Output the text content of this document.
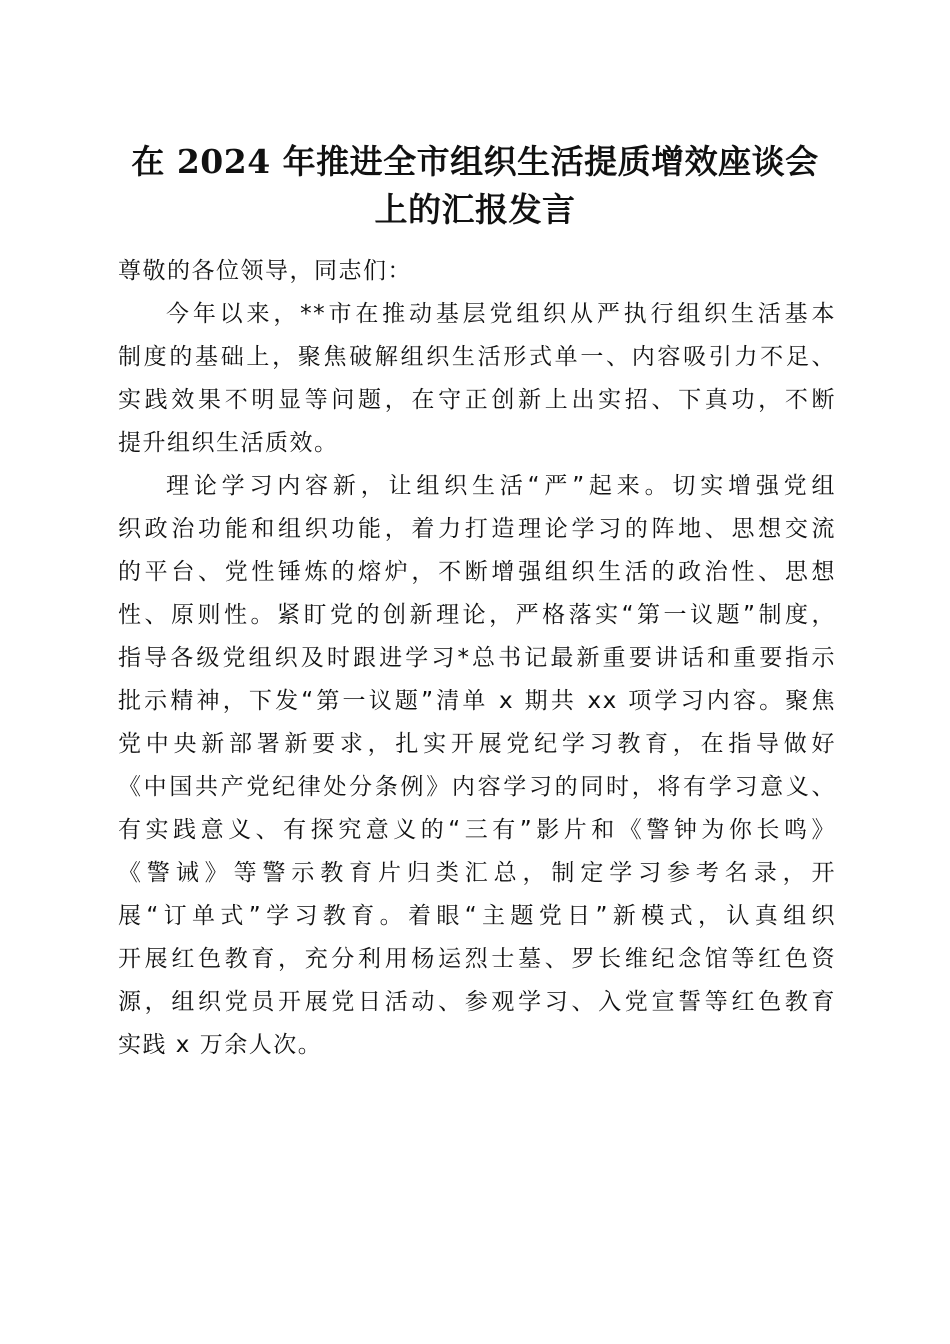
在 2024 年推进全市组织生活提质增效座谈会
上的汇报发言
尊敬的各位领导，同志们：
今年以来，**市在推动基层党组织从严执行组织生活基本
制度的基础上，聚焦破解组织生活形式单一、内容吸引力不足、
实践效果不明显等问题，在守正创新上出实招、下真功，不断
提升组织生活质效。
理论学习内容新，让组织生活“严”起来。切实增强党组
织政治功能和组织功能，着力打造理论学习的阵地、思想交流
的平台、党性锤炼的熔炉，不断增强组织生活的政治性、思想
性、原则性。紧盯党的创新理论，严格落实“第一议题”制度，
指导各级党组织及时跟进学习*总书记最新重要讲话和重要指示
批示精神，下发“第一议题”清单 x 期共 xx 项学习内容。聚焦
党中央新部署新要求，扎实开展党纪学习教育，在指导做好
《中国共产党纪律处分条例》内容学习的同时，将有学习意义、
有实践意义、有探究意义的“三有”影片和《警钟为你长鸣》
《警诫》等警示教育片归类汇总，制定学习参考名录，开
展“订单式”学习教育。着眼“主题党日”新模式，认真组织
开展红色教育，充分利用杨运烈士墓、罗长维纪念馆等红色资
源，组织党员开展党日活动、参观学习、入党宣誓等红色教育
实践 x 万余人次。
